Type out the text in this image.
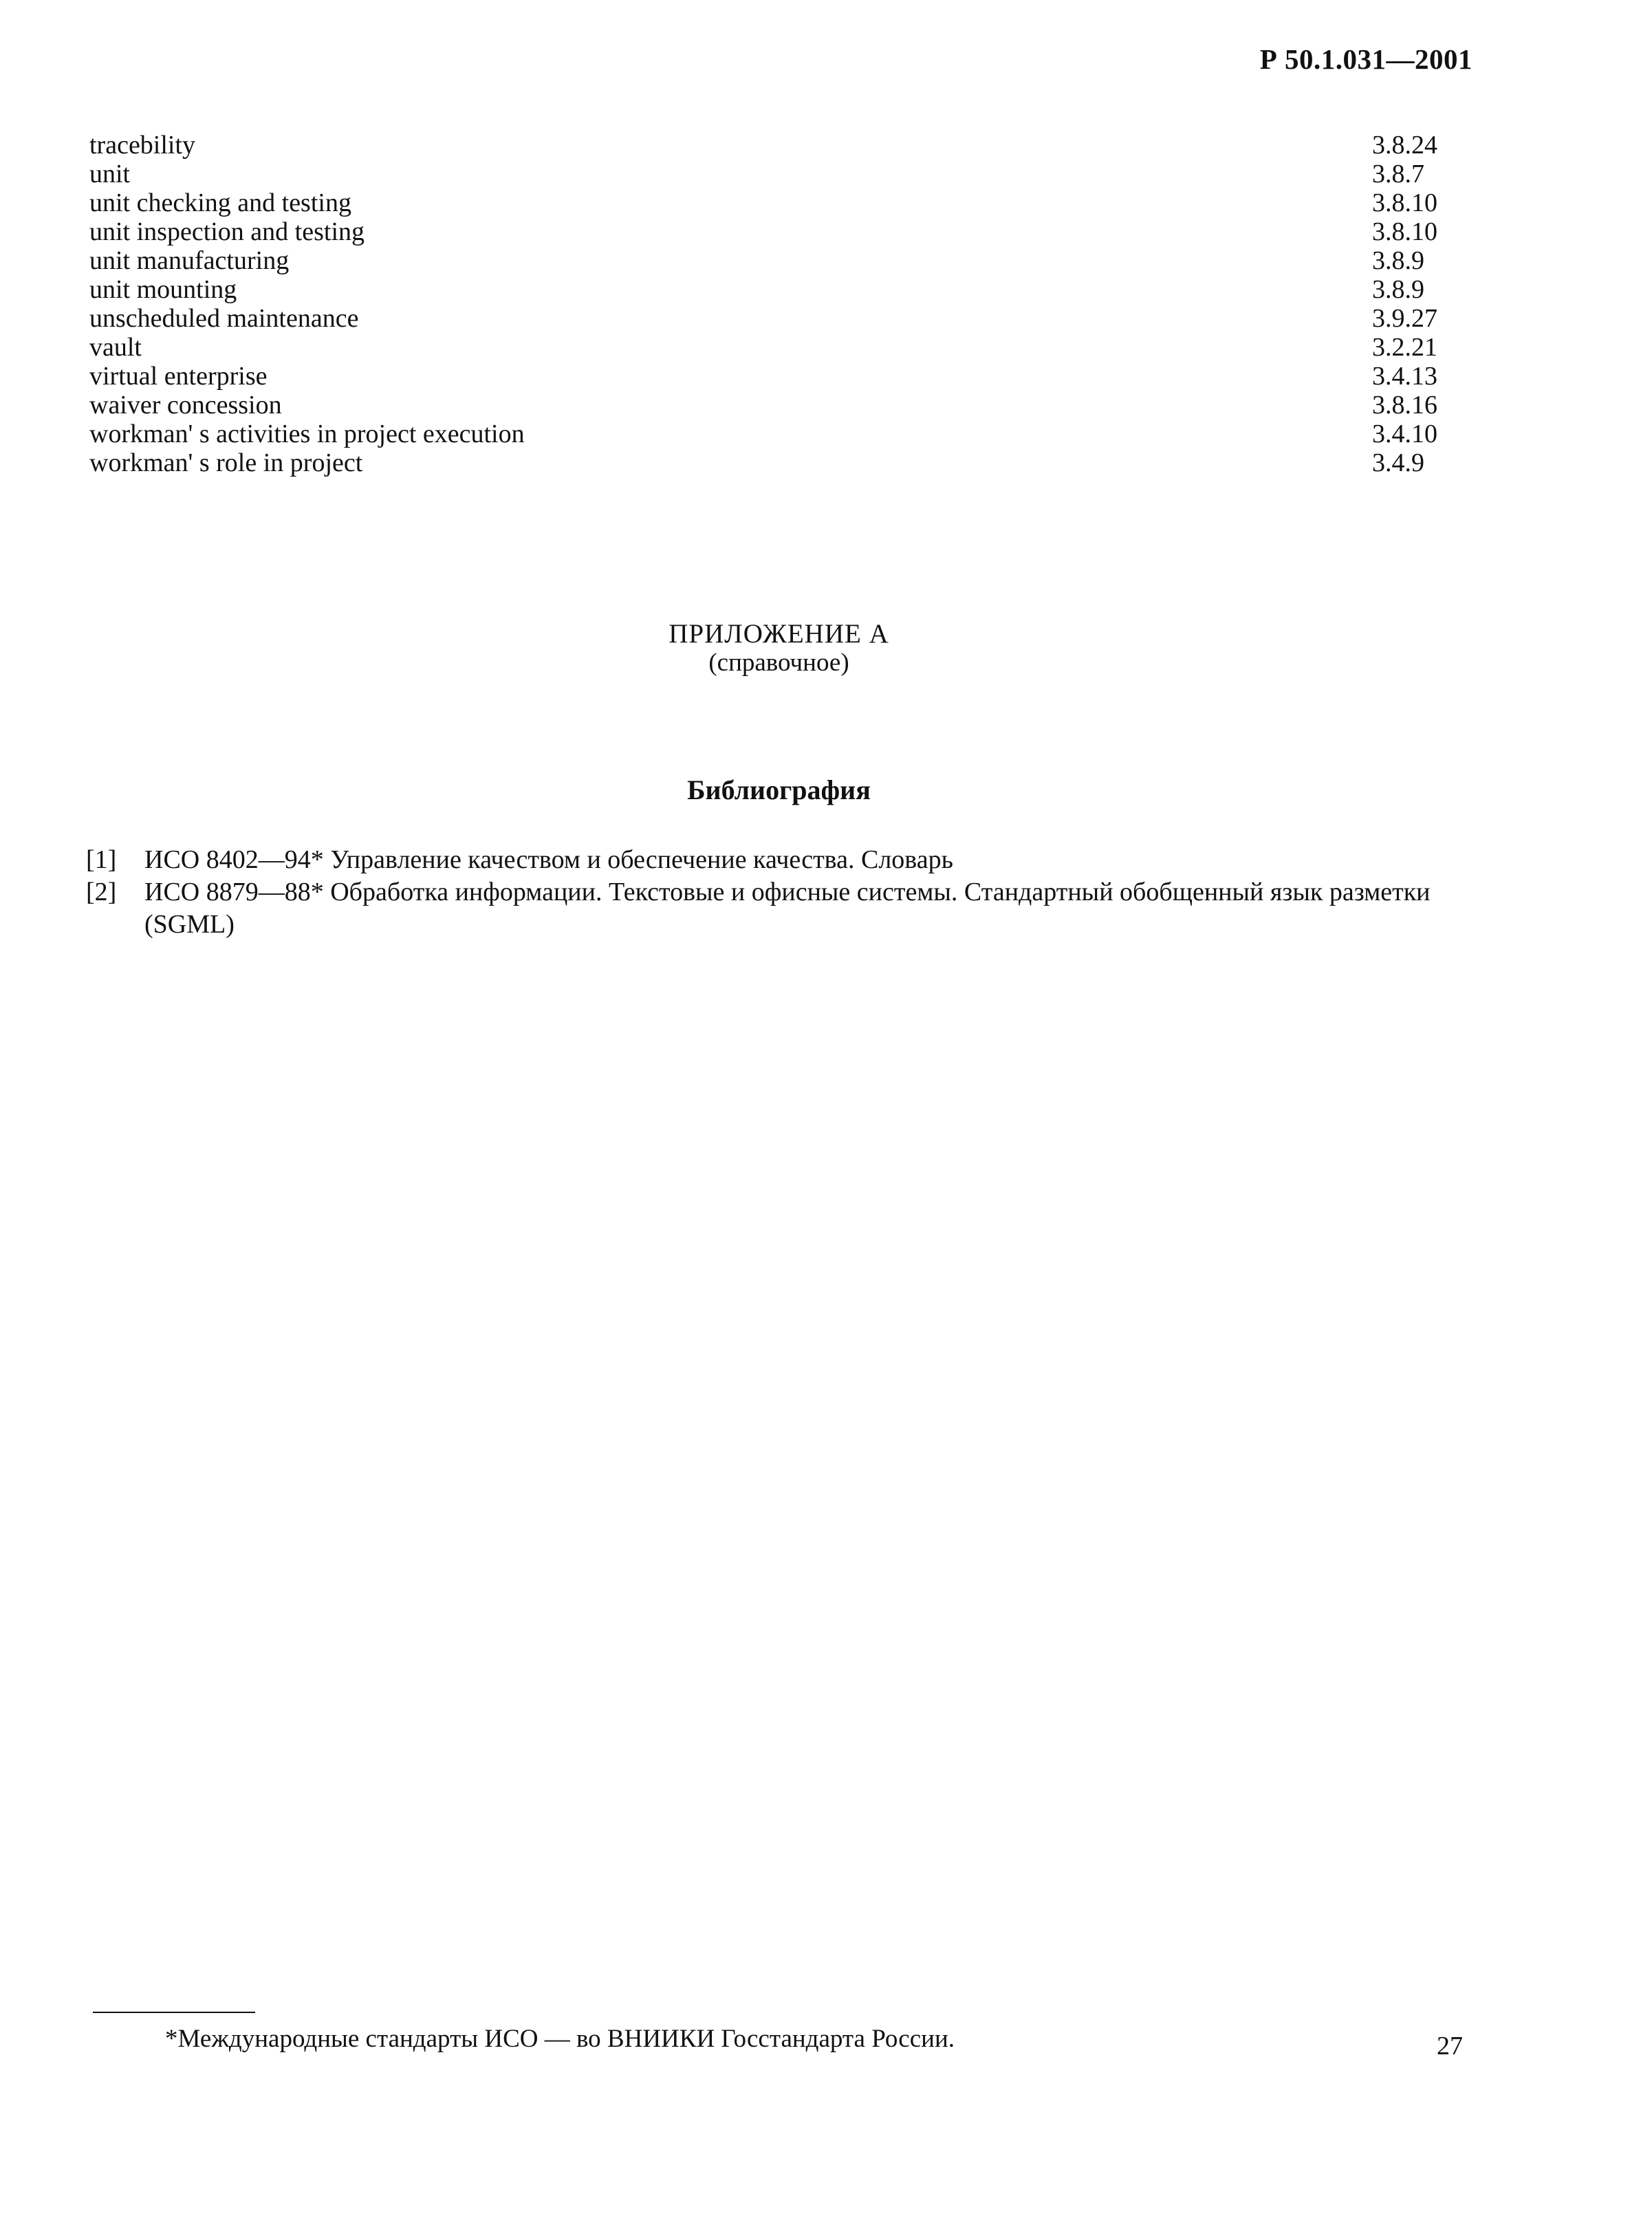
Р 50.1.031—2001
tracebility	3.8.24
unit	3.8.7
unit checking and testing	3.8.10
unit inspection and testing	3.8.10
unit manufacturing	3.8.9
unit mounting	3.8.9
unscheduled maintenance	3.9.27
vault	3.2.21
virtual enterprise	3.4.13
waiver concession	3.8.16
workman' s activities in project execution	3.4.10
workman' s role in project	3.4.9
ПРИЛОЖЕНИЕ А
(справочное)
Библиография
[1] ИСО 8402—94* Управление качеством и обеспечение качества. Словарь
[2] ИСО 8879—88* Обработка информации. Текстовые и офисные системы. Стандартный обобщенный язык разметки (SGML)
*Международные стандарты ИСО — во ВНИИКИ Госстандарта России.	27
